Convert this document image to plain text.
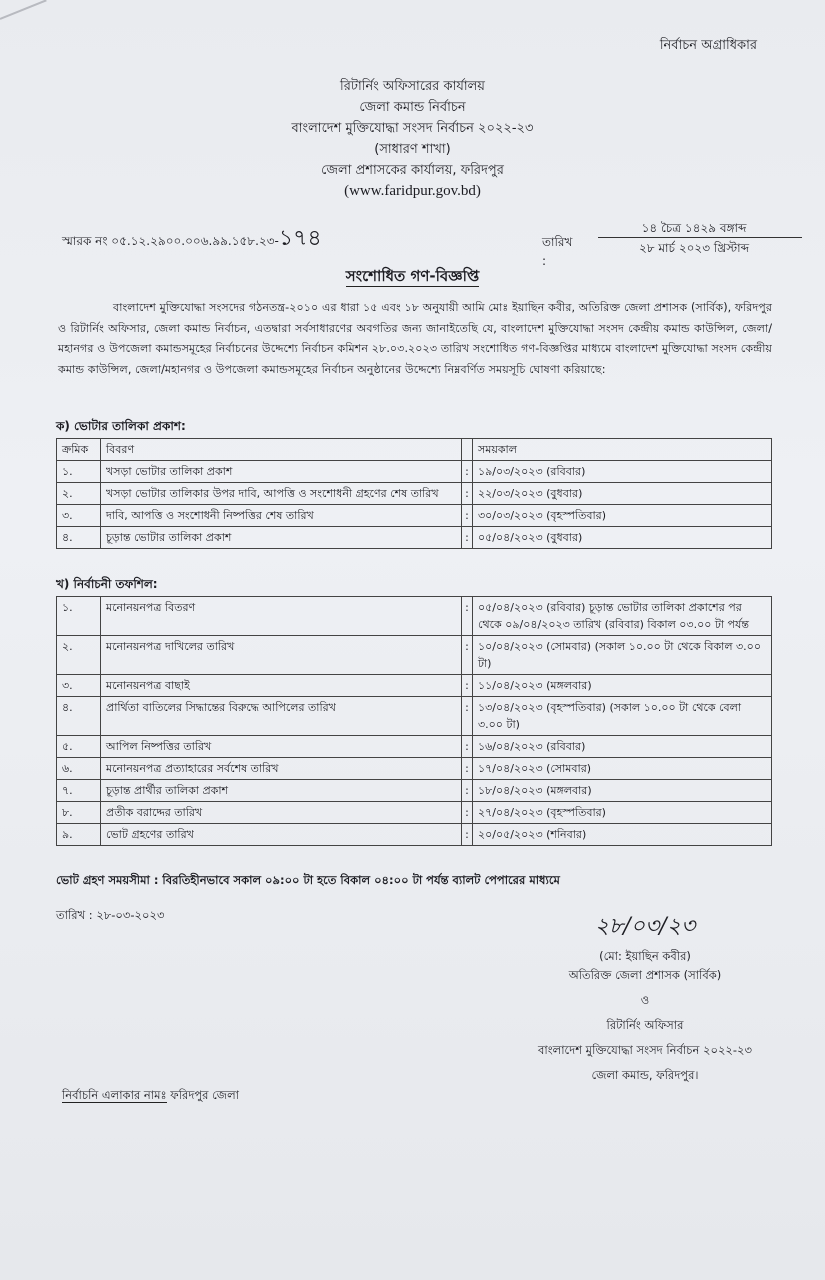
নির্বাচন অগ্রাধিকার
রিটার্নিং অফিসারের কার্যালয়
জেলা কমান্ড নির্বাচন
বাংলাদেশ মুক্তিযোদ্ধা সংসদ নির্বাচন ২০২২-২৩
(সাধারণ শাখা)
জেলা প্রশাসকের কার্যালয়, ফরিদপুর
(www.faridpur.gov.bd)
স্মারক নং ০৫.১২.২৯০০.০০৬.৯৯.১৫৮.২৩-১৭৪	তারিখ :
১৪ চৈত্র ১৪২৯ বঙ্গাব্দ
২৮ মার্চ ২০২৩ খ্রিস্টাব্দ
সংশোধিত গণ-বিজ্ঞপ্তি
বাংলাদেশ মুক্তিযোদ্ধা সংসদের গঠনতন্ত্র-২০১০ এর ধারা ১৫ এবং ১৮ অনুযায়ী আমি মোঃ ইয়াছিন কবীর, অতিরিক্ত জেলা প্রশাসক (সার্বিক), ফরিদপুর ও রিটার্নিং অফিসার, জেলা কমান্ড নির্বাচন, এতদ্বারা সর্বসাধারণের অবগতির জন্য জানাইতেছি যে, বাংলাদেশ মুক্তিযোদ্ধা সংসদ কেন্দ্রীয় কমান্ড কাউন্সিল, জেলা/মহানগর ও উপজেলা কমান্ডসমূহের নির্বাচনের উদ্দেশ্যে নির্বাচন কমিশন ২৮.০৩.২০২৩ তারিখ সংশোধিত গণ-বিজ্ঞপ্তির মাধ্যমে বাংলাদেশ মুক্তিযোদ্ধা সংসদ কেন্দ্রীয় কমান্ড কাউন্সিল, জেলা/মহানগর ও উপজেলা কমান্ডসমূহের নির্বাচন অনুষ্ঠানের উদ্দেশ্যে নিম্নবর্ণিত সময়সূচি ঘোষণা করিয়াছে:
ক) ভোটার তালিকা প্রকাশ:
ক্রমিক	বিবরণ		সময়কাল
১.	খসড়া ভোটার তালিকা প্রকাশ	:	১৯/০৩/২০২৩ (রবিবার)
২.	খসড়া ভোটার তালিকার উপর দাবি, আপত্তি ও সংশোধনী গ্রহণের শেষ তারিখ	:	২২/০৩/২০২৩ (বুধবার)
৩.	দাবি, আপত্তি ও সংশোধনী নিষ্পত্তির শেষ তারিখ	:	৩০/০৩/২০২৩ (বৃহস্পতিবার)
৪.	চূড়ান্ত ভোটার তালিকা প্রকাশ	:	০৫/০৪/২০২৩ (বুধবার)
খ) নির্বাচনী তফশিল:
১.	মনোনয়নপত্র বিতরণ	:	০৫/০৪/২০২৩ (রবিবার) চূড়ান্ত ভোটার তালিকা প্রকাশের পর থেকে ০৯/০৪/২০২৩ তারিখ (রবিবার) বিকাল ০৩.০০ টা পর্যন্ত
২.	মনোনয়নপত্র দাখিলের তারিখ	:	১০/০৪/২০২৩ (সোমবার) (সকাল ১০.০০ টা থেকে বিকাল ৩.০০ টা)
৩.	মনোনয়নপত্র বাছাই	:	১১/০৪/২০২৩ (মঙ্গলবার)
৪.	প্রার্থিতা বাতিলের সিদ্ধান্তের বিরুদ্ধে আপিলের তারিখ	:	১৩/০৪/২০২৩ (বৃহস্পতিবার) (সকাল ১০.০০ টা থেকে বেলা ৩.০০ টা)
৫.	আপিল নিষ্পত্তির তারিখ	:	১৬/০৪/২০২৩ (রবিবার)
৬.	মনোনয়নপত্র প্রত্যাহারের সর্বশেষ তারিখ	:	১৭/০৪/২০২৩ (সোমবার)
৭.	চূড়ান্ত প্রার্থীর তালিকা প্রকাশ	:	১৮/০৪/২০২৩ (মঙ্গলবার)
৮.	প্রতীক বরাদ্দের তারিখ	:	২৭/০৪/২০২৩ (বৃহস্পতিবার)
৯.	ভোট গ্রহণের তারিখ	:	২০/০৫/২০২৩ (শনিবার)
ভোট গ্রহণ সময়সীমা : বিরতিহীনভাবে সকাল ০৯:০০ টা হতে বিকাল ০৪:০০ টা পর্যন্ত ব্যালট পেপারের মাধ্যমে
তারিখ : ২৮-০৩-২০২৩	২৮/০৩/২৩
(মো: ইয়াছিন কবীর)
অতিরিক্ত জেলা প্রশাসক (সার্বিক)
ও
রিটার্নিং অফিসার
বাংলাদেশ মুক্তিযোদ্ধা সংসদ নির্বাচন ২০২২-২৩
জেলা কমান্ড, ফরিদপুর।
নির্বাচনি এলাকার নামঃ ফরিদপুর জেলা
